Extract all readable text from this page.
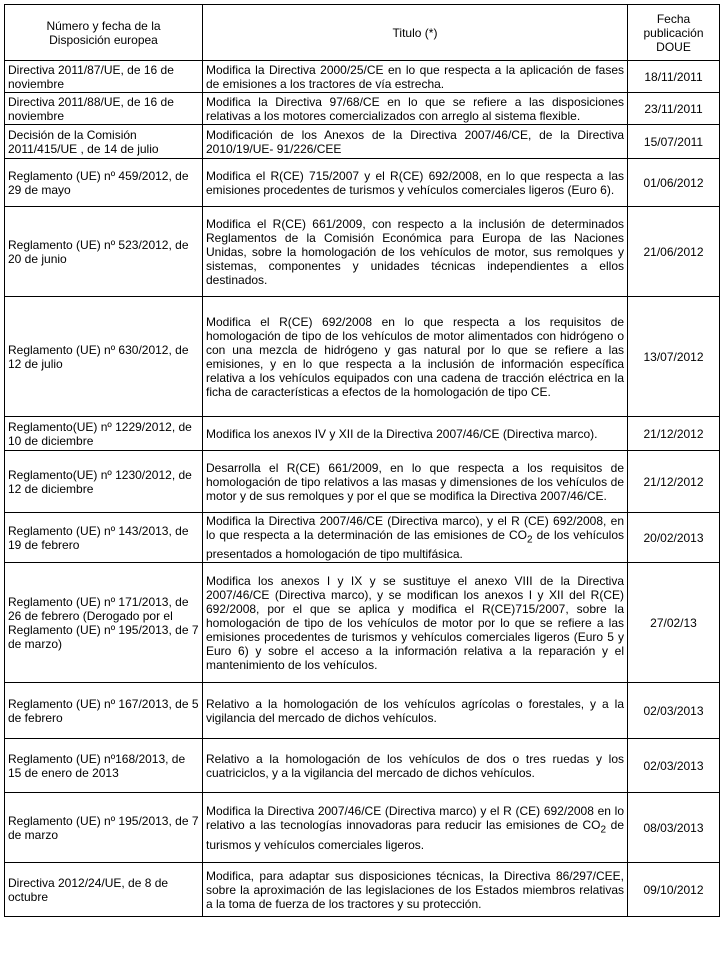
Número y fecha de la Disposición europea	Titulo (*)	Fecha publicación DOUE
Directiva 2011/87/UE, de 16 de noviembre	Modifica la Directiva 2000/25/CE en lo que respecta a la aplicación de fases de emisiones a los tractores de vía estrecha.	18/11/2011
Directiva 2011/88/UE, de 16 de noviembre	Modifica la Directiva 97/68/CE en lo que se refiere a las disposiciones relativas a los motores comercializados con arreglo al sistema flexible.	23/11/2011
Decisión de la Comisión 2011/415/UE , de 14 de julio	Modificación de los Anexos de la Directiva 2007/46/CE, de la Directiva 2010/19/UE- 91/226/CEE	15/07/2011
Reglamento (UE) nº 459/2012, de 29 de mayo	Modifica el R(CE) 715/2007 y el R(CE) 692/2008, en lo que respecta a las emisiones procedentes de turismos y vehículos comerciales ligeros (Euro 6).	01/06/2012
Reglamento (UE) nº 523/2012, de 20 de junio	Modifica el R(CE) 661/2009, con respecto a la inclusión de determinados Reglamentos de la Comisión Económica para Europa de las Naciones Unidas, sobre la homologación de los vehículos de motor, sus remolques y sistemas, componentes y unidades técnicas independientes a ellos destinados.	21/06/2012
Reglamento (UE) nº 630/2012, de 12 de julio	Modifica el R(CE) 692/2008 en lo que respecta a los requisitos de homologación de tipo de los vehículos de motor alimentados con hidrógeno o con una mezcla de hidrógeno y gas natural por lo que se refiere a las emisiones, y en lo que respecta a la inclusión de información específica relativa a los vehículos equipados con una cadena de tracción eléctrica en la ficha de características a efectos de la homologación de tipo CE.	13/07/2012
Reglamento(UE) nº 1229/2012, de 10 de diciembre	Modifica los anexos IV y XII de la Directiva 2007/46/CE (Directiva marco).	21/12/2012
Reglamento(UE) nº 1230/2012, de 12 de diciembre	Desarrolla el R(CE) 661/2009, en lo que respecta a los requisitos de homologación de tipo relativos a las masas y dimensiones de los vehículos de motor y de sus remolques y por el que se modifica la Directiva 2007/46/CE.	21/12/2012
Reglamento (UE) nº 143/2013, de 19 de febrero	Modifica la Directiva 2007/46/CE (Directiva marco), y el R (CE) 692/2008, en lo que respecta a la determinación de las emisiones de $CO_2$ de los vehículos presentados a homologación de tipo multifásica.	20/02/2013
Reglamento (UE) nº 171/2013, de 26 de febrero (Derogado por el Reglamento (UE) nº 195/2013, de 7 de marzo)	Modifica los anexos I y IX y se sustituye el anexo VIII de la Directiva 2007/46/CE (Directiva marco), y se modifican los anexos I y XII del R(CE) 692/2008, por el que se aplica y modifica el R(CE)715/2007, sobre la homologación de tipo de los vehículos de motor por lo que se refiere a las emisiones procedentes de turismos y vehículos comerciales ligeros (Euro 5 y Euro 6) y sobre el acceso a la información relativa a la reparación y el mantenimiento de los vehículos.	27/02/13
Reglamento (UE) nº 167/2013, de 5 de febrero	Relativo a la homologación de los vehículos agrícolas o forestales, y a la vigilancia del mercado de dichos vehículos.	02/03/2013
Reglamento (UE) nº168/2013, de 15 de enero de 2013	Relativo a la homologación de los vehículos de dos o tres ruedas y los cuatriciclos, y a la vigilancia del mercado de dichos vehículos.	02/03/2013
Reglamento (UE) nº 195/2013, de 7 de marzo	Modifica la Directiva 2007/46/CE (Directiva marco) y el R (CE) 692/2008 en lo relativo a las tecnologías innovadoras para reducir las emisiones de $CO_2$ de turismos y vehículos comerciales ligeros.	08/03/2013
Directiva 2012/24/UE, de 8 de octubre	Modifica, para adaptar sus disposiciones técnicas, la Directiva 86/297/CEE, sobre la aproximación de las legislaciones de los Estados miembros relativas a la toma de fuerza de los tractores y su protección.	09/10/2012
